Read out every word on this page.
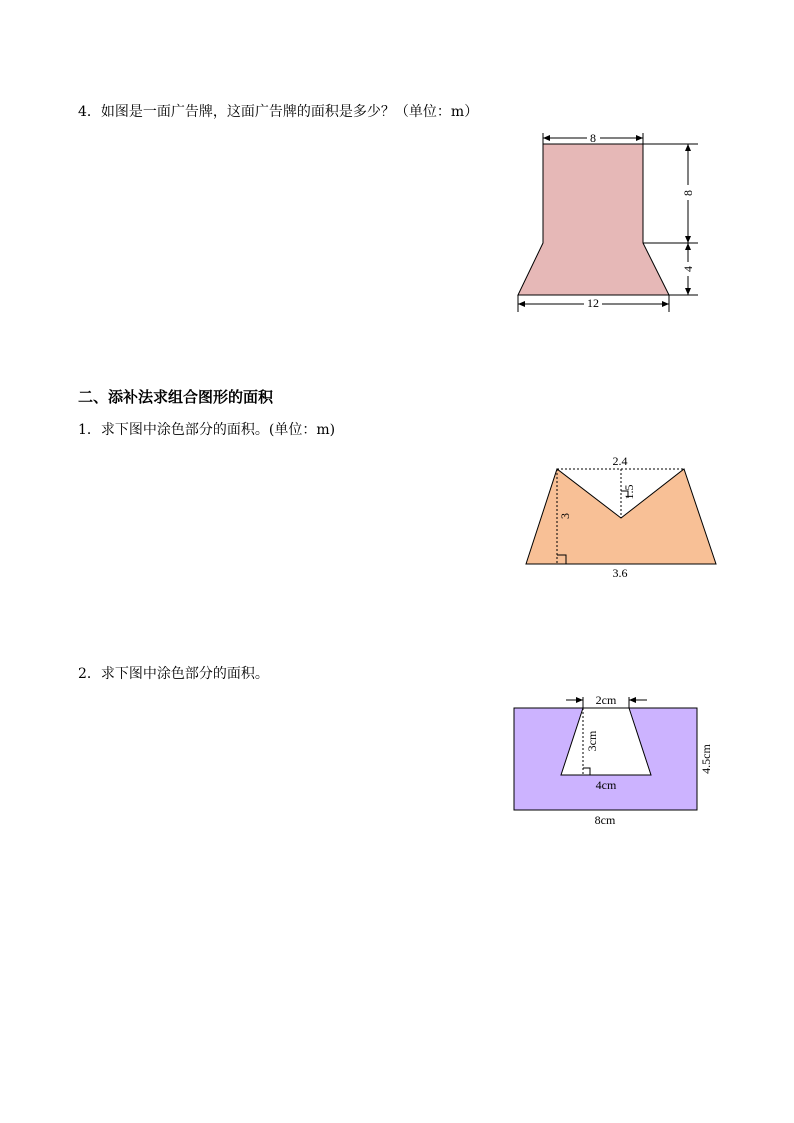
4．如图是一面广告牌，这面广告牌的面积是多少？（单位：m）
8
8
4
12
二、添补法求组合图形的面积
1．求下图中涂色部分的面积。(单位：m)
2.4
1.5
3
3.6
2．求下图中涂色部分的面积。
2cm
3cm
4cm
4.5cm
8cm
